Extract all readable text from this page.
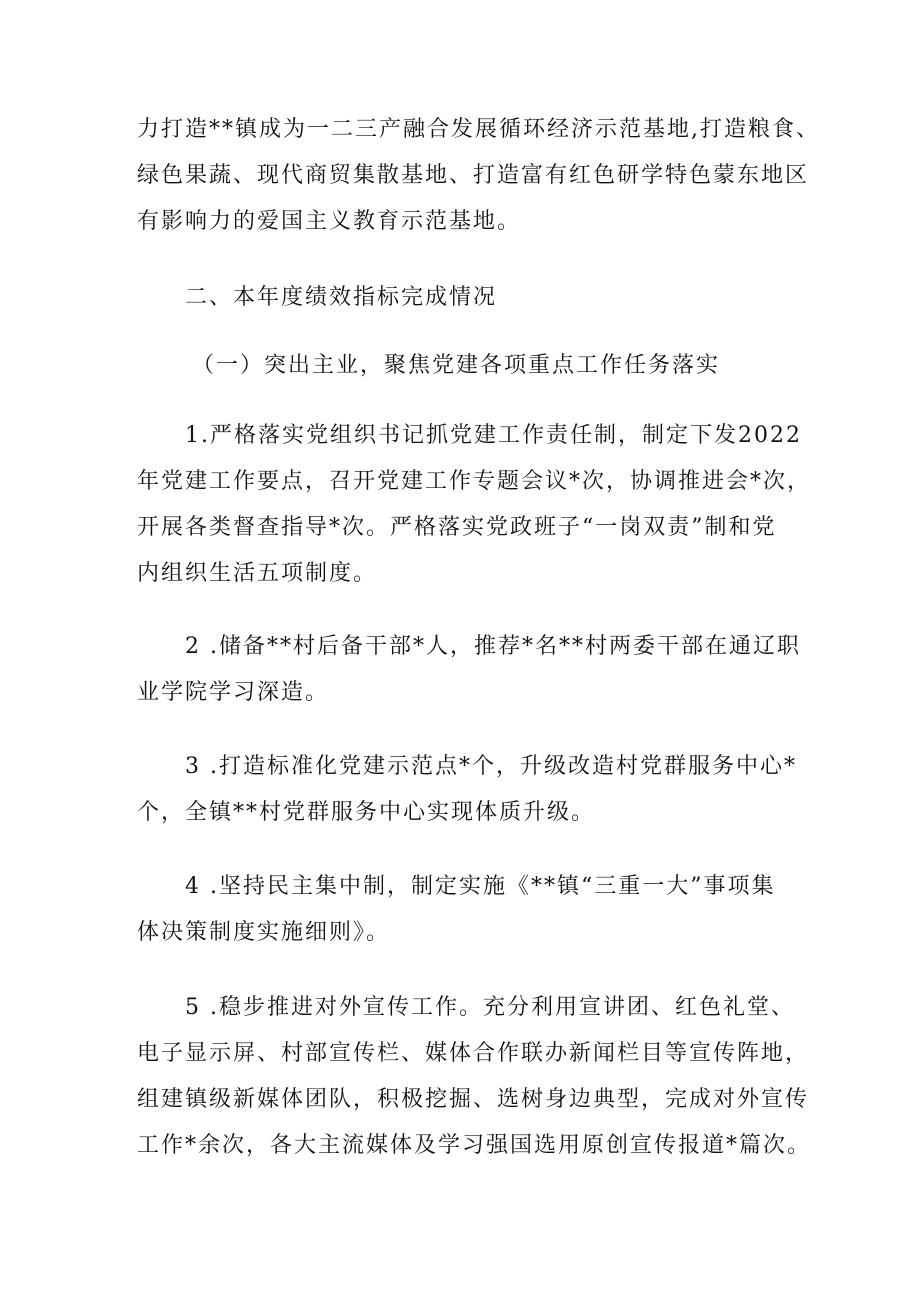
力打造**镇成为一二三产融合发展循环经济示范基地,打造粮食、
绿色果蔬、现代商贸集散基地、打造富有红色研学特色蒙东地区
有影响力的爱国主义教育示范基地。
二、本年度绩效指标完成情况
（一）突出主业，聚焦党建各项重点工作任务落实
1.严格落实党组织书记抓党建工作责任制，制定下发2022
年党建工作要点，召开党建工作专题会议*次，协调推进会*次，
开展各类督查指导*次。严格落实党政班子“一岗双责”制和党
内组织生活五项制度。
2 .储备**村后备干部*人，推荐*名**村两委干部在通辽职
业学院学习深造。
3 .打造标准化党建示范点*个，升级改造村党群服务中心*
个，全镇**村党群服务中心实现体质升级。
4 .坚持民主集中制，制定实施《**镇“三重一大”事项集
体决策制度实施细则》。
5 .稳步推进对外宣传工作。充分利用宣讲团、红色礼堂、
电子显示屏、村部宣传栏、媒体合作联办新闻栏目等宣传阵地，
组建镇级新媒体团队，积极挖掘、选树身边典型，完成对外宣传
工作*余次，各大主流媒体及学习强国选用原创宣传报道*篇次。
